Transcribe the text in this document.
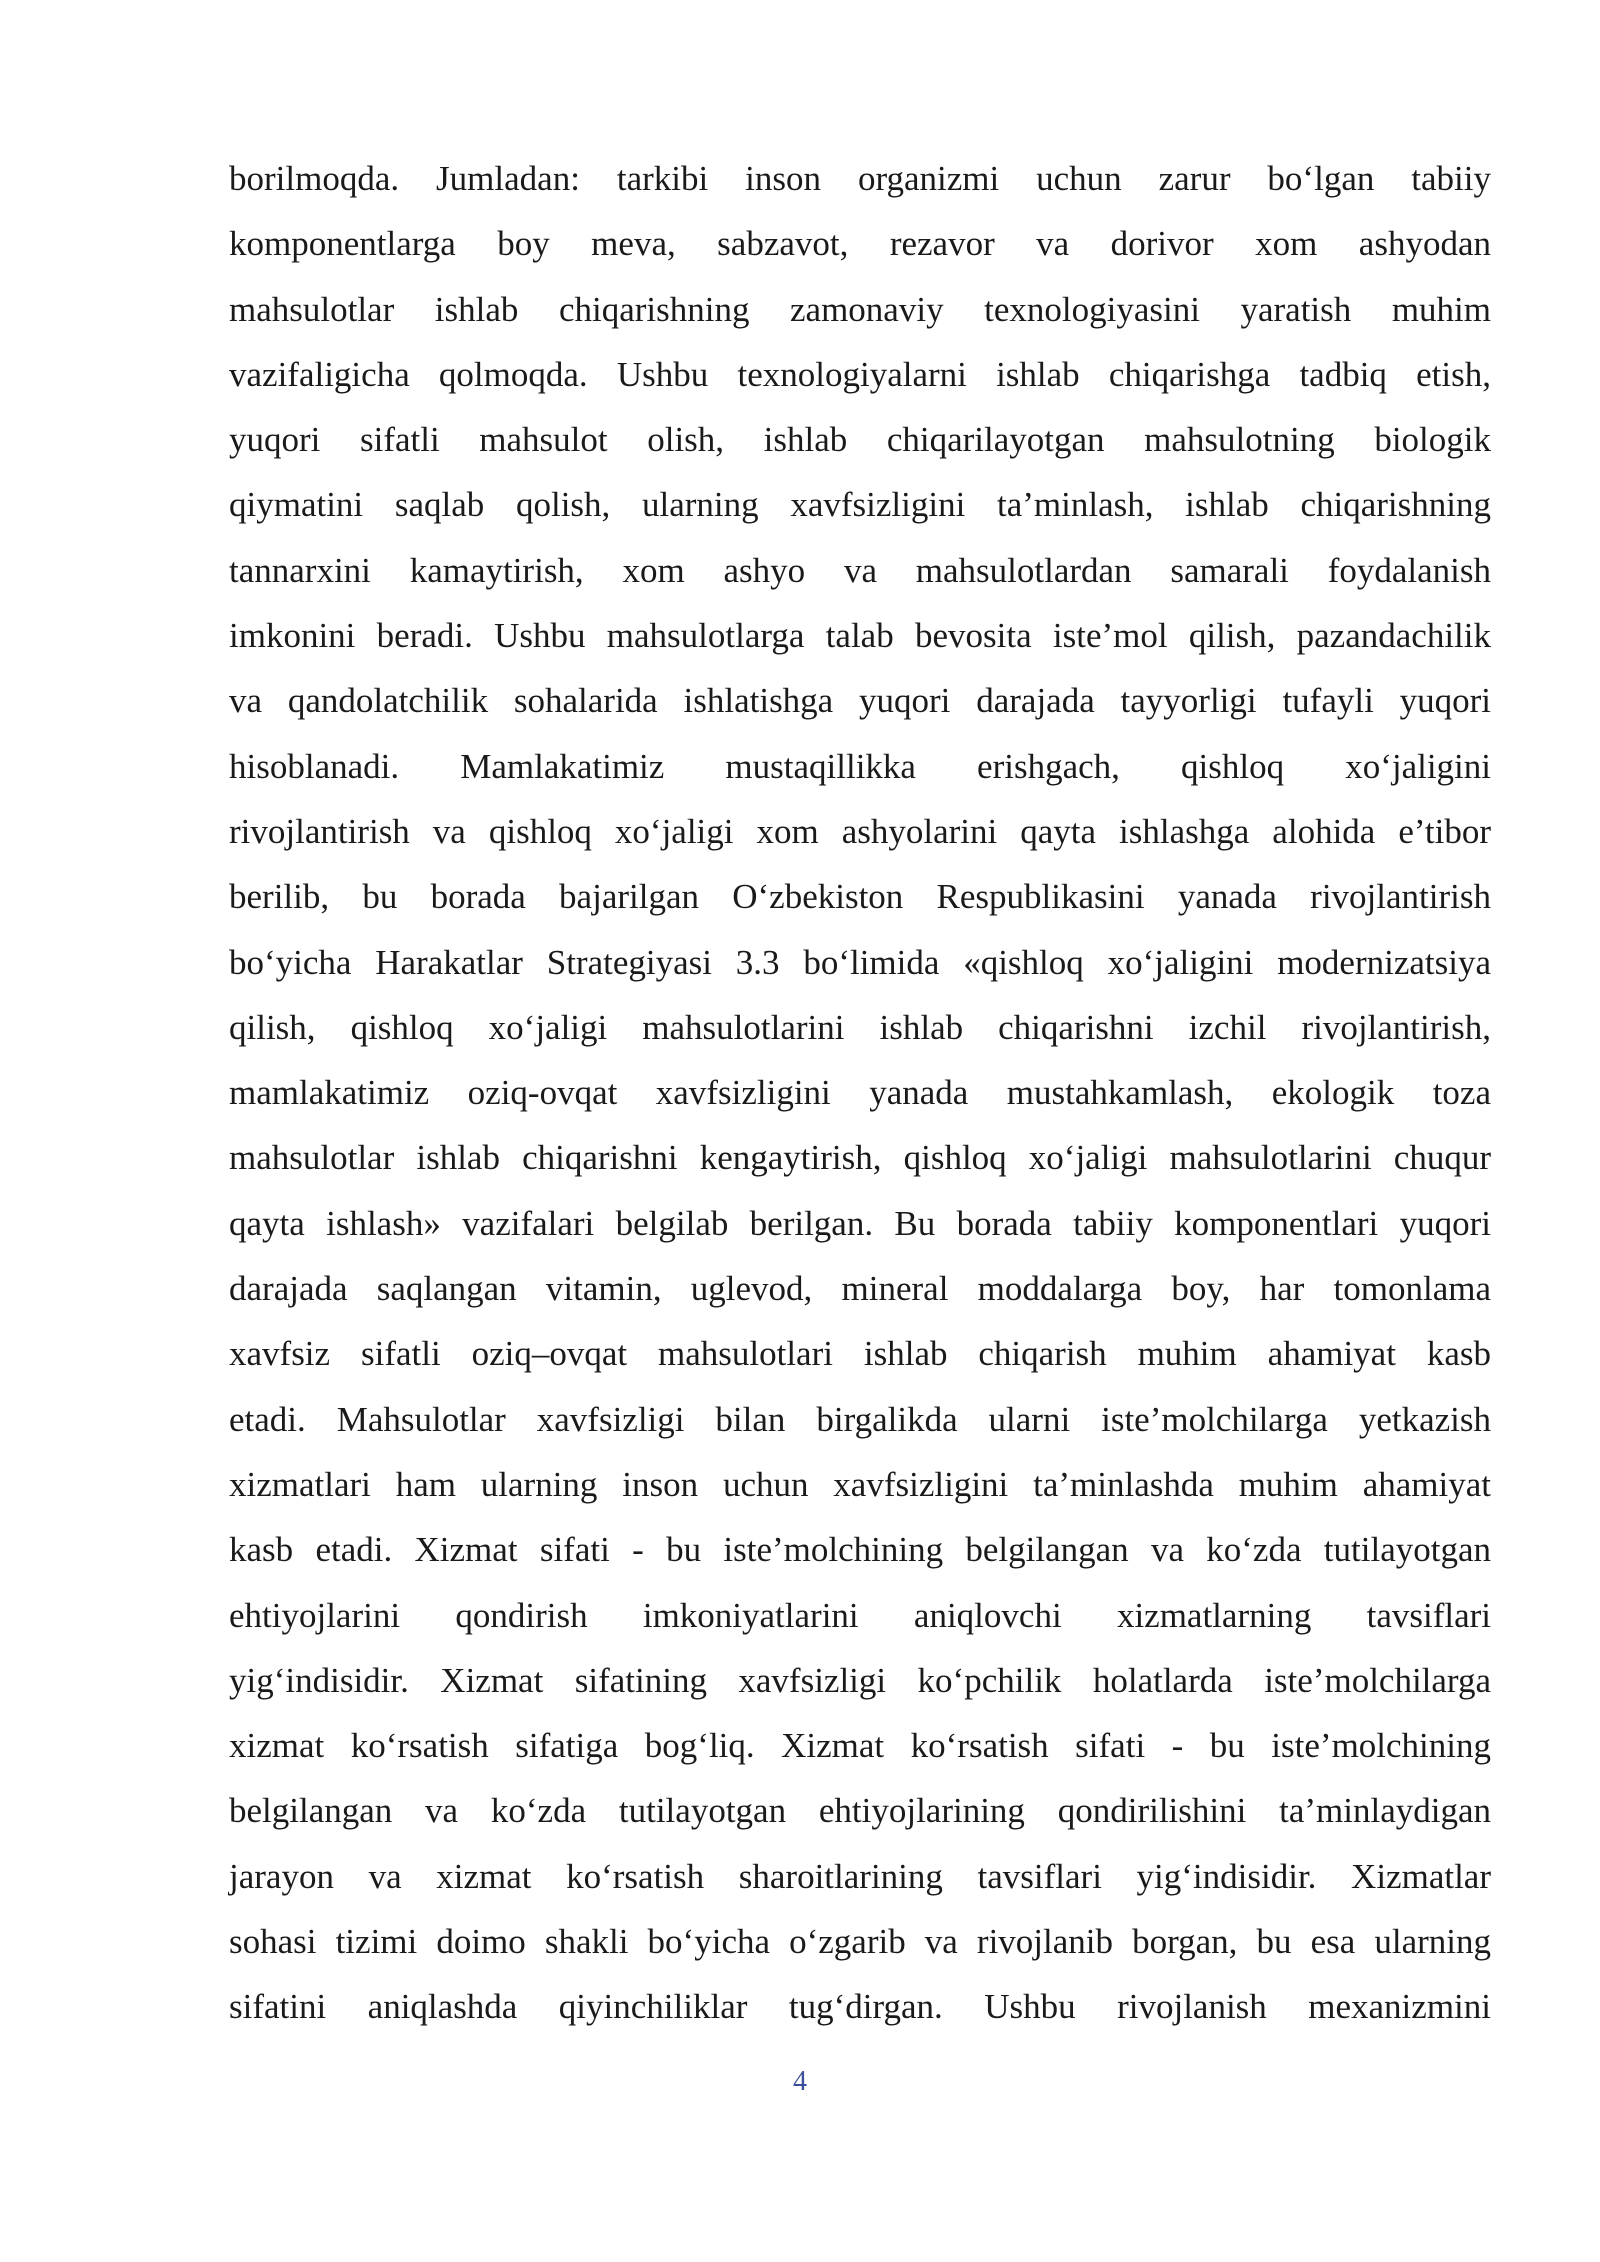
borilmoqda. Jumladan: tarkibi inson organizmi uchun zarur bo‘lgan tabiiy
komponentlarga boy meva, sabzavot, rezavor va dorivor xom ashyodan
mahsulotlar ishlab chiqarishning zamonaviy texnologiyasini yaratish muhim
vazifaligicha qolmoqda. Ushbu texnologiyalarni ishlab chiqarishga tadbiq etish,
yuqori sifatli mahsulot olish, ishlab chiqarilayotgan mahsulotning biologik
qiymatini saqlab qolish, ularning xavfsizligini ta’minlash, ishlab chiqarishning
tannarxini kamaytirish, xom ashyo va mahsulotlardan samarali foydalanish
imkonini beradi. Ushbu mahsulotlarga talab bevosita iste’mol qilish, pazandachilik
va qandolatchilik sohalarida ishlatishga yuqori darajada tayyorligi tufayli yuqori
hisoblanadi. Mamlakatimiz mustaqillikka erishgach, qishloq xo‘jaligini
rivojlantirish va qishloq xo‘jaligi xom ashyolarini qayta ishlashga alohida e’tibor
berilib, bu borada bajarilgan O‘zbekiston Respublikasini yanada rivojlantirish
bo‘yicha Harakatlar Strategiyasi 3.3 bo‘limida «qishloq xo‘jaligini modernizatsiya
qilish, qishloq xo‘jaligi mahsulotlarini ishlab chiqarishni izchil rivojlantirish,
mamlakatimiz oziq-ovqat xavfsizligini yanada mustahkamlash, ekologik toza
mahsulotlar ishlab chiqarishni kengaytirish, qishloq xo‘jaligi mahsulotlarini chuqur
qayta ishlash» vazifalari belgilab berilgan. Bu borada tabiiy komponentlari yuqori
darajada saqlangan vitamin, uglevod, mineral moddalarga boy, har tomonlama
xavfsiz sifatli oziq–ovqat mahsulotlari ishlab chiqarish muhim ahamiyat kasb
etadi. Mahsulotlar xavfsizligi bilan birgalikda ularni iste’molchilarga yetkazish
xizmatlari ham ularning inson uchun xavfsizligini ta’minlashda muhim ahamiyat
kasb etadi. Xizmat sifati - bu iste’molchining belgilangan va ko‘zda tutilayotgan
ehtiyojlarini qondirish imkoniyatlarini aniqlovchi xizmatlarning tavsiflari
yig‘indisidir. Xizmat sifatining xavfsizligi ko‘pchilik holatlarda iste’molchilarga
xizmat ko‘rsatish sifatiga bog‘liq. Xizmat ko‘rsatish sifati - bu iste’molchining
belgilangan va ko‘zda tutilayotgan ehtiyojlarining qondirilishini ta’minlaydigan
jarayon va xizmat ko‘rsatish sharoitlarining tavsiflari yig‘indisidir. Xizmatlar
sohasi tizimi doimo shakli bo‘yicha o‘zgarib va rivojlanib borgan, bu esa ularning
sifatini aniqlashda qiyinchiliklar tug‘dirgan. Ushbu rivojlanish mexanizmini
4
